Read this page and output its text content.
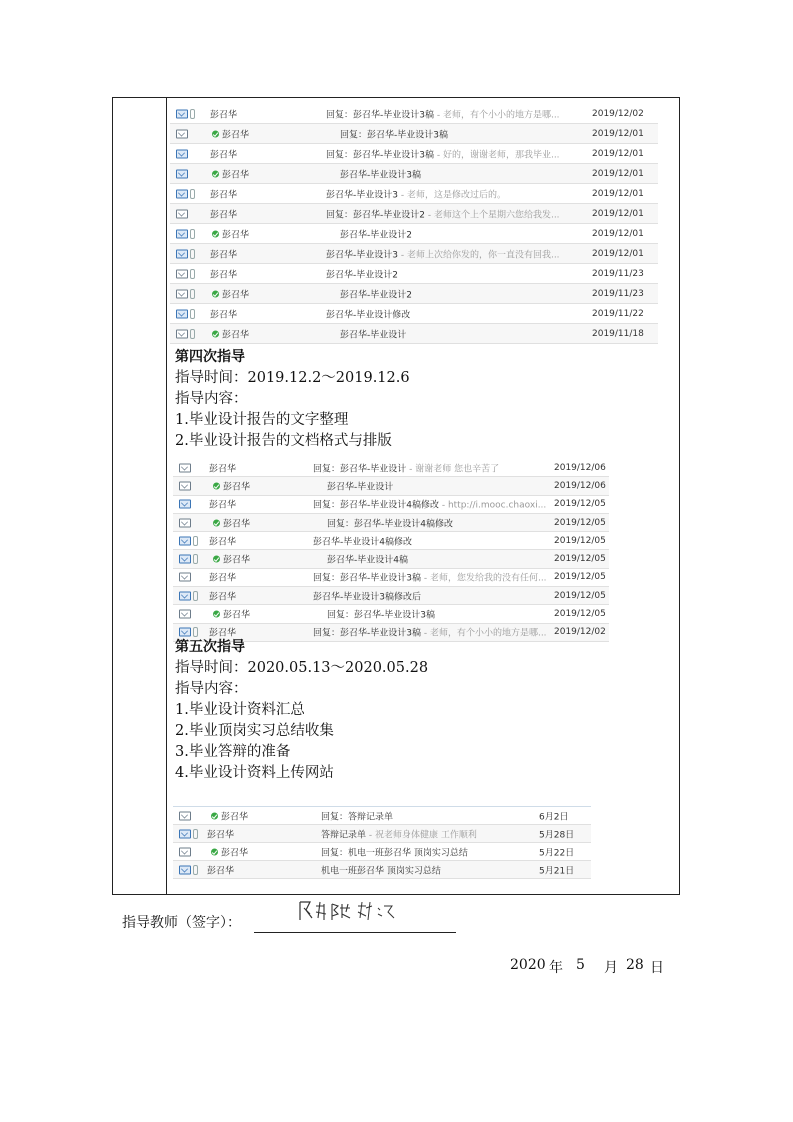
彭召华	回复：彭召华-毕业设计3稿 - 老师，有个小小的地方是哪...	2019/12/02
彭召华	回复：彭召华-毕业设计3稿	2019/12/01
彭召华	回复：彭召华-毕业设计3稿 - 好的，谢谢老师，那我毕业...	2019/12/01
彭召华	彭召华-毕业设计3稿	2019/12/01
彭召华	彭召华-毕业设计3 - 老师，这是修改过后的。	2019/12/01
彭召华	回复：彭召华-毕业设计2 - 老师这个上个星期六您给我发...	2019/12/01
彭召华	彭召华-毕业设计2	2019/12/01
彭召华	彭召华-毕业设计3 - 老师上次给你发的，你一直没有回我...	2019/12/01
彭召华	彭召华-毕业设计2	2019/11/23
彭召华	彭召华-毕业设计2	2019/11/23
彭召华	彭召华-毕业设计修改	2019/11/22
彭召华	彭召华-毕业设计	2019/11/18
第四次指导
指导时间：2019.12.2～2019.12.6
指导内容：
1.毕业设计报告的文字整理
2.毕业设计报告的文档格式与排版
彭召华	回复：彭召华-毕业设计 - 谢谢老师 您也辛苦了	2019/12/06
彭召华	彭召华-毕业设计	2019/12/06
彭召华	回复：彭召华-毕业设计4稿修改 - http://i.mooc.chaoxi... 2019/12/05
彭召华	回复：彭召华-毕业设计4稿修改	2019/12/05
彭召华	彭召华-毕业设计4稿修改	2019/12/05
彭召华	彭召华-毕业设计4稿	2019/12/05
彭召华	回复：彭召华-毕业设计3稿 - 老师，您发给我的没有任何... 2019/12/05
彭召华	彭召华-毕业设计3稿修改后	2019/12/05
彭召华	回复：彭召华-毕业设计3稿	2019/12/05
彭召华	回复：彭召华-毕业设计3稿 - 老师，有个小小的地方是哪... 2019/12/02
第五次指导
指导时间：2020.05.13～2020.05.28
指导内容：
1.毕业设计资料汇总
2.毕业顶岗实习总结收集
3.毕业答辩的准备
4.毕业设计资料上传网站
彭召华	回复：答辩记录单	6月2日
彭召华	答辩记录单 - 祝老师身体健康 工作顺利	5月28日
彭召华	回复：机电一班彭召华 顶岗实习总结	5月22日
彭召华	机电一班彭召华 顶岗实习总结	5月21日
指导教师（签字）：
2020 年 5 月 28 日
